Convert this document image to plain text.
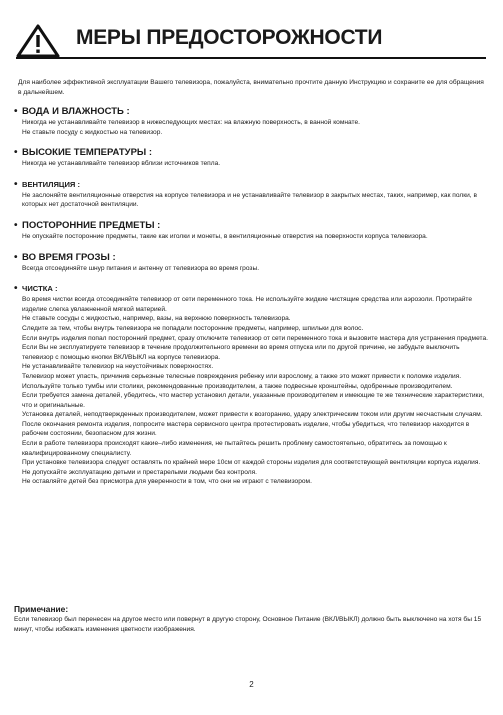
МЕРЫ ПРЕДОСТОРОЖНОСТИ
Для наиболее эффективной эксплуатации Вашего телевизора, пожалуйста, внимательно прочтите данную Инструкцию и сохраните ее для обращения в дальнейшем.
• ВОДА И ВЛАЖНОСТЬ :

Никогда не устанавливайте телевизор в нижеследующих местах: на влажную поверхность, в ванной комнате.

Не ставьте посуду с жидкостью на телевизор.

• ВЫСОКИЕ ТЕМПЕРАТУРЫ :

Никогда не устанавливайте телевизор вблизи источников тепла.

• ВЕНТИЛЯЦИЯ :

Не заслоняйте вентиляционные отверстия на корпусе телевизора и не устанавливайте телевизор в закрытых местах, таких, например, как полки, в которых нет достаточной вентиляции.

• ПОСТОРОННИЕ ПРЕДМЕТЫ :

Не опускайте посторонние предметы, такие как иголки и монеты, в вентиляционные отверстия на поверхности корпуса телевизора.

• ВО ВРЕМЯ ГРОЗЫ :

Всегда отсоединяйте шнур питания и антенну от телевизора во время грозы.

• ЧИСТКА :

Во время чистки всегда отсоединяйте телевизор от сети переменного тока. Не используйте жидкие чистящие средства или аэрозоли. Протирайте изделие слегка увлажненной мягкой материей.

Не ставьте сосуды с жидкостью, например, вазы, на верхнюю поверхность телевизора.

Следите за тем, чтобы внутрь телевизора не попадали посторонние предметы, например, шпильки для волос.

Если внутрь изделия попал посторонний предмет, сразу отключите телевизор от сети переменного тока и вызовите мастера для устранения предмета.

Если Вы не эксплуатируете телевизор в течение продолжительного времени во время отпуска или по другой причине, не забудьте выключить телевизор с помощью кнопки ВКЛ/ВЫКЛ на корпусе телевизора.

Не устанавливайте телевизор на неустойчивых поверхностях.

Телевизор может упасть, причинив серьезные телесные повреждения ребенку или взрослому, а также это может привести к поломке изделия. Используйте только тумбы или столики, рекомендованные производителем, а также подвесные кронштейны, одобренные производителем.

Если требуется замена деталей, убедитесь, что мастер установил детали, указанные производителем и имеющие те же технические характеристики, что и оригинальные.

Установка деталей, неподтвержденных производителем, может привести к возгоранию, удару электрическим током или другим несчастным случаям.

После окончания ремонта изделия, попросите мастера сервисного центра протестировать изделие, чтобы убедиться, что телевизор находится в рабочем состоянии, безопасном для жизни.

Если в работе телевизора происходят какие–либо изменения, не пытайтесь решить проблему самостоятельно, обратитесь за помощью к квалифицированному специалисту.

При установке телевизора следует оставлять по крайней мере 10см от каждой стороны изделия для соответствующей вентиляции корпуса изделия.

Не допускайте эксплуатацию детьми и престарелыми людьми без контроля.

Не оставляйте детей без присмотра для уверенности в том, что они не играют с телевизором.

Примечание:
Если телевизор был перенесен на другое место или повернут в другую сторону, Основное Питание (ВКЛ/ВЫКЛ) должно быть выключено на хотя бы 15 минут, чтобы избежать изменения цветности изображения.
2
